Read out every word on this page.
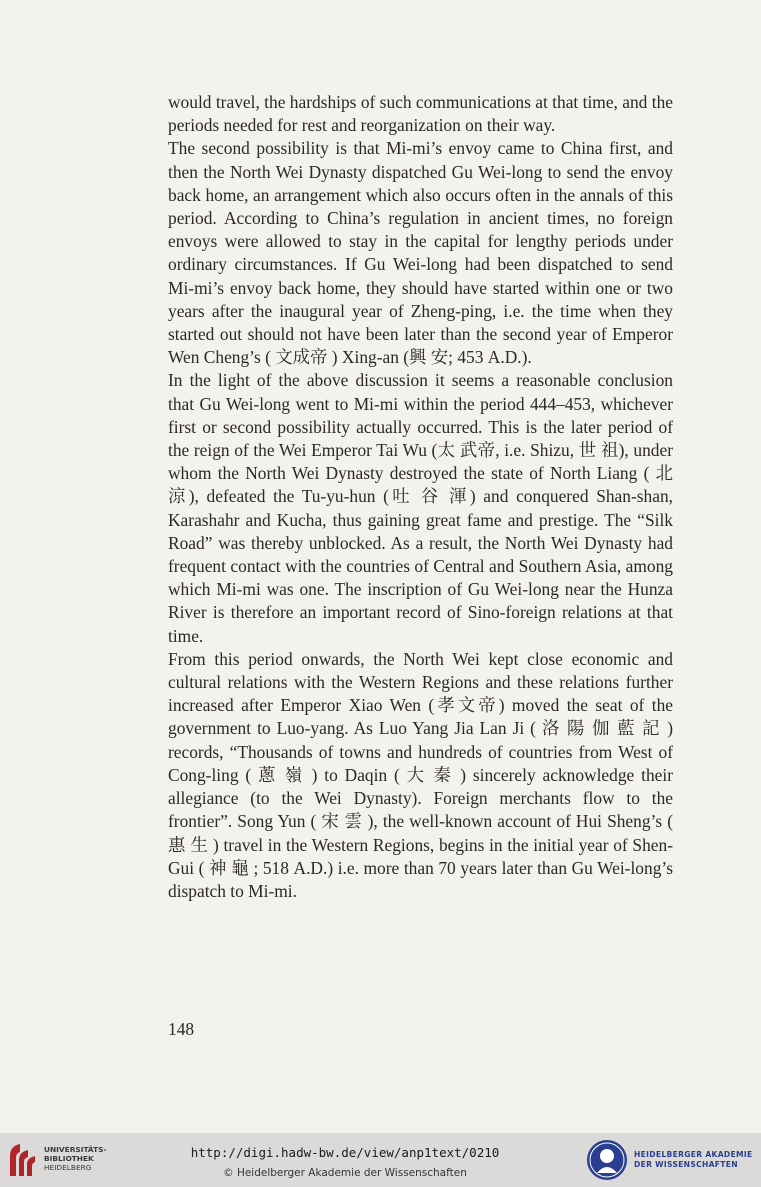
would travel, the hardships of such communications at that time, and the periods needed for rest and reorganization on their way.

The second possibility is that Mi-mi’s envoy came to China first, and then the North Wei Dynasty dispatched Gu Wei-long to send the envoy back home, an arrangement which also occurs often in the annals of this period. According to China’s regulation in ancient times, no foreign envoys were allowed to stay in the capital for lengthy periods under ordinary circumstances. If Gu Wei-long had been dispatched to send Mi-mi’s envoy back home, they should have started within one or two years after the inaugural year of Zheng-ping, i.e. the time when they started out should not have been later than the second year of Emperor Wen Cheng’s ( 文成帝 ) Xing-an (興 安; 453 A.D.).

In the light of the above discussion it seems a reasonable conclusion that Gu Wei-long went to Mi-mi within the period 444–453, whichever first or second possibility actually occurred. This is the later period of the reign of the Wei Emperor Tai Wu (太 武帝, i.e. Shizu, 世 祖), under whom the North Wei Dynasty destroyed the state of North Liang ( 北 涼), defeated the Tu-yu-hun (吐 谷 渾) and conquered Shan-shan, Karashahr and Kucha, thus gaining great fame and prestige. The “Silk Road” was thereby unblocked. As a result, the North Wei Dynasty had frequent contact with the countries of Central and Southern Asia, among which Mi-mi was one. The inscription of Gu Wei-long near the Hunza River is therefore an important record of Sino-foreign relations at that time.

From this period onwards, the North Wei kept close economic and cultural relations with the Western Regions and these relations further increased after Emperor Xiao Wen (孝文帝) moved the seat of the government to Luo-yang. As Luo Yang Jia Lan Ji ( 洛 陽 伽 藍 記 ) records, “Thousands of towns and hundreds of countries from West of Cong-ling ( 蔥 嶺 ) to Daqin ( 大 秦 ) sincerely acknowledge their allegiance (to the Wei Dynasty). Foreign merchants flow to the frontier”. Song Yun ( 宋 雲 ), the well-known account of Hui Sheng’s ( 惠 生 ) travel in the Western Regions, begins in the initial year of Shen-Gui ( 神 龜 ; 518 A.D.) i.e. more than 70 years later than Gu Wei-long’s dispatch to Mi-mi.

148
UNIVERSITÄTS-
BIBLIOTHEK
HEIDELBERG
http://digi.hadw-bw.de/view/anp1text/0210
© Heidelberger Akademie der Wissenschaften
HEIDELBERGER AKADEMIE
DER WISSENSCHAFTEN
